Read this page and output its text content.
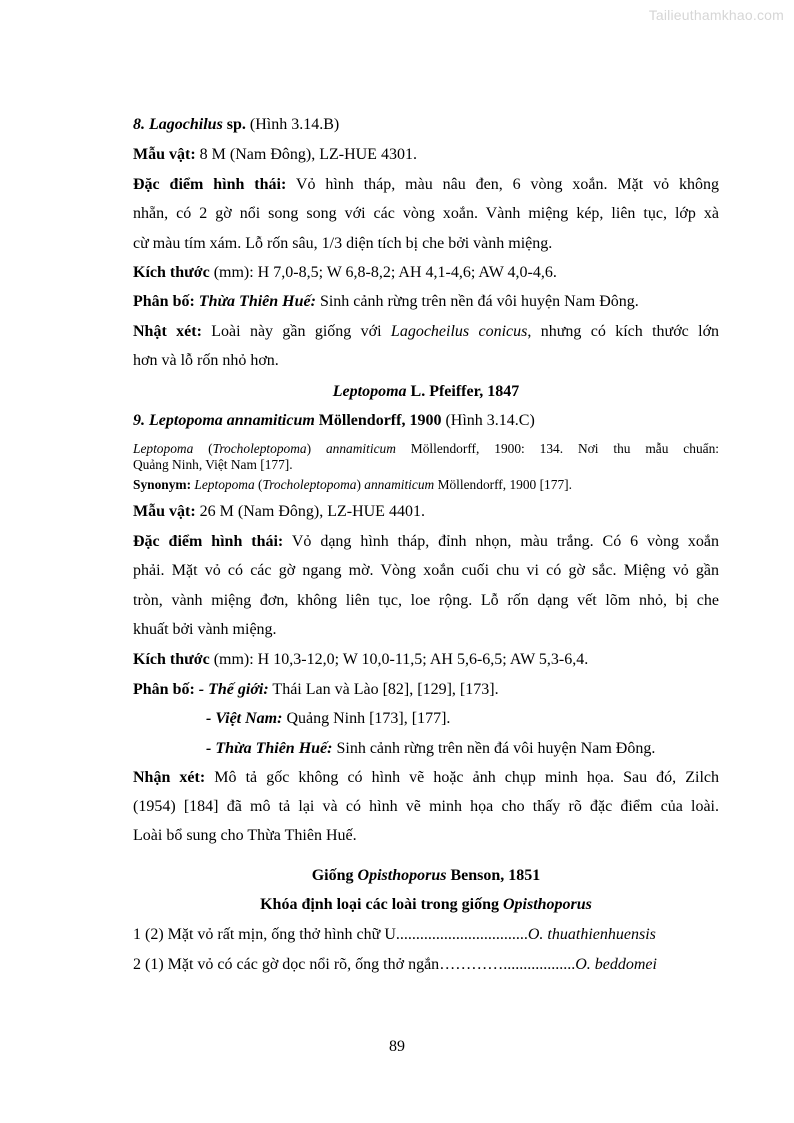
Tailieuthamkhao.com
8. Lagochilus sp. (Hình 3.14.B)
Mẫu vật: 8 M (Nam Đông), LZ-HUE 4301.
Đặc điểm hình thái: Vỏ hình tháp, màu nâu đen, 6 vòng xoắn. Mặt vỏ không
nhẵn, có 2 gờ nổi song song với các vòng xoắn. Vành miệng kép, liên tục, lớp xà
cừ màu tím xám. Lỗ rốn sâu, 1/3 diện tích bị che bởi vành miệng.
Kích thước (mm): H 7,0-8,5; W 6,8-8,2; AH 4,1-4,6; AW 4,0-4,6.
Phân bố: Thừa Thiên Huế: Sinh cảnh rừng trên nền đá vôi huyện Nam Đông.
Nhật xét: Loài này gần giống với Lagocheilus conicus, nhưng có kích thước lớn
hơn và lỗ rốn nhỏ hơn.
Leptopoma L. Pfeiffer, 1847
9. Leptopoma annamiticum Möllendorff, 1900 (Hình 3.14.C)
Leptopoma (Trocholeptopoma) annamiticum Möllendorff, 1900: 134. Nơi thu mẫu chuẩn:
Quảng Ninh, Việt Nam [177].
Synonym: Leptopoma (Trocholeptopoma) annamiticum Möllendorff, 1900 [177].
Mẫu vật: 26 M (Nam Đông), LZ-HUE 4401.
Đặc điểm hình thái: Vỏ dạng hình tháp, đỉnh nhọn, màu trắng. Có 6 vòng xoắn
phải. Mặt vỏ có các gờ ngang mờ. Vòng xoắn cuối chu vi có gờ sắc. Miệng vỏ gần
tròn, vành miệng đơn, không liên tục, loe rộng. Lỗ rốn dạng vết lõm nhỏ, bị che
khuất bởi vành miệng.
Kích thước (mm): H 10,3-12,0; W 10,0-11,5; AH 5,6-6,5; AW 5,3-6,4.
Phân bố: - Thế giới: Thái Lan và Lào [82], [129], [173].
- Việt Nam: Quảng Ninh [173], [177].
- Thừa Thiên Huế: Sinh cảnh rừng trên nền đá vôi huyện Nam Đông.
Nhận xét: Mô tả gốc không có hình vẽ hoặc ảnh chụp minh họa. Sau đó, Zilch
(1954) [184] đã mô tả lại và có hình vẽ minh họa cho thấy rõ đặc điểm của loài.
Loài bổ sung cho Thừa Thiên Huế.
Giống Opisthoporus Benson, 1851
Khóa định loại các loài trong giống Opisthoporus
1 (2) Mặt vỏ rất mịn, ống thở hình chữ U.................................O. thuathienhuensis
2 (1) Mặt vỏ có các gờ dọc nổi rõ, ống thở ngắn…………..................O. beddomei
89
